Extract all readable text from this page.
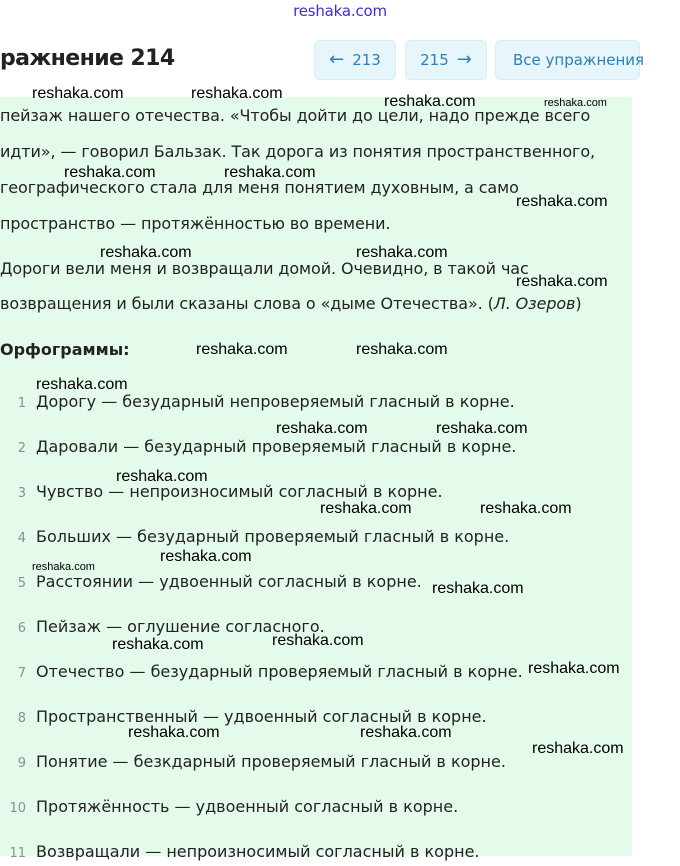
reshaka.com
ражнение 214	← 213	215 →	Все упражнения
пейзаж нашего отечества. «Чтобы дойти до цели, надо прежде всего
идти», — говорил Бальзак. Так дорога из понятия пространственного,
географического стала для меня понятием духовным, а само
пространство — протяжённостью во времени.
Дороги вели меня и возвращали домой. Очевидно, в такой час
возвращения и были сказаны слова о «дыме Отечества». (Л. Озеров)
Орфограммы:
1 Дорогу — безударный непроверяемый гласный в корне.
2 Даровали — безударный проверяемый гласный в корне.
3 Чувство — непроизносимый согласный в корне.
4 Больших — безударный проверяемый гласный в корне.
5 Расстоянии — удвоенный согласный в корне.
6 Пейзаж — оглушение согласного.
7 Отечество — безударный проверяемый гласный в корне.
8 Пространственный — удвоенный согласный в корне.
9 Понятие — безкдарный проверяемый гласный в корне.
10 Протяжённость — удвоенный согласный в корне.
11 Возвращали — непроизносимый согласный в корне.
reshaka.com	reshaka.com	reshaka.com	reshaka.com
reshaka.com	reshaka.com
reshaka.com
reshaka.com	reshaka.com
reshaka.com
reshaka.com	reshaka.com
reshaka.com
reshaka.com	reshaka.com
reshaka.com
reshaka.com	reshaka.com
reshaka.com
reshaka.com
reshaka.com
reshaka.com
reshaka.com
reshaka.com
reshaka.com	reshaka.com
reshaka.com
